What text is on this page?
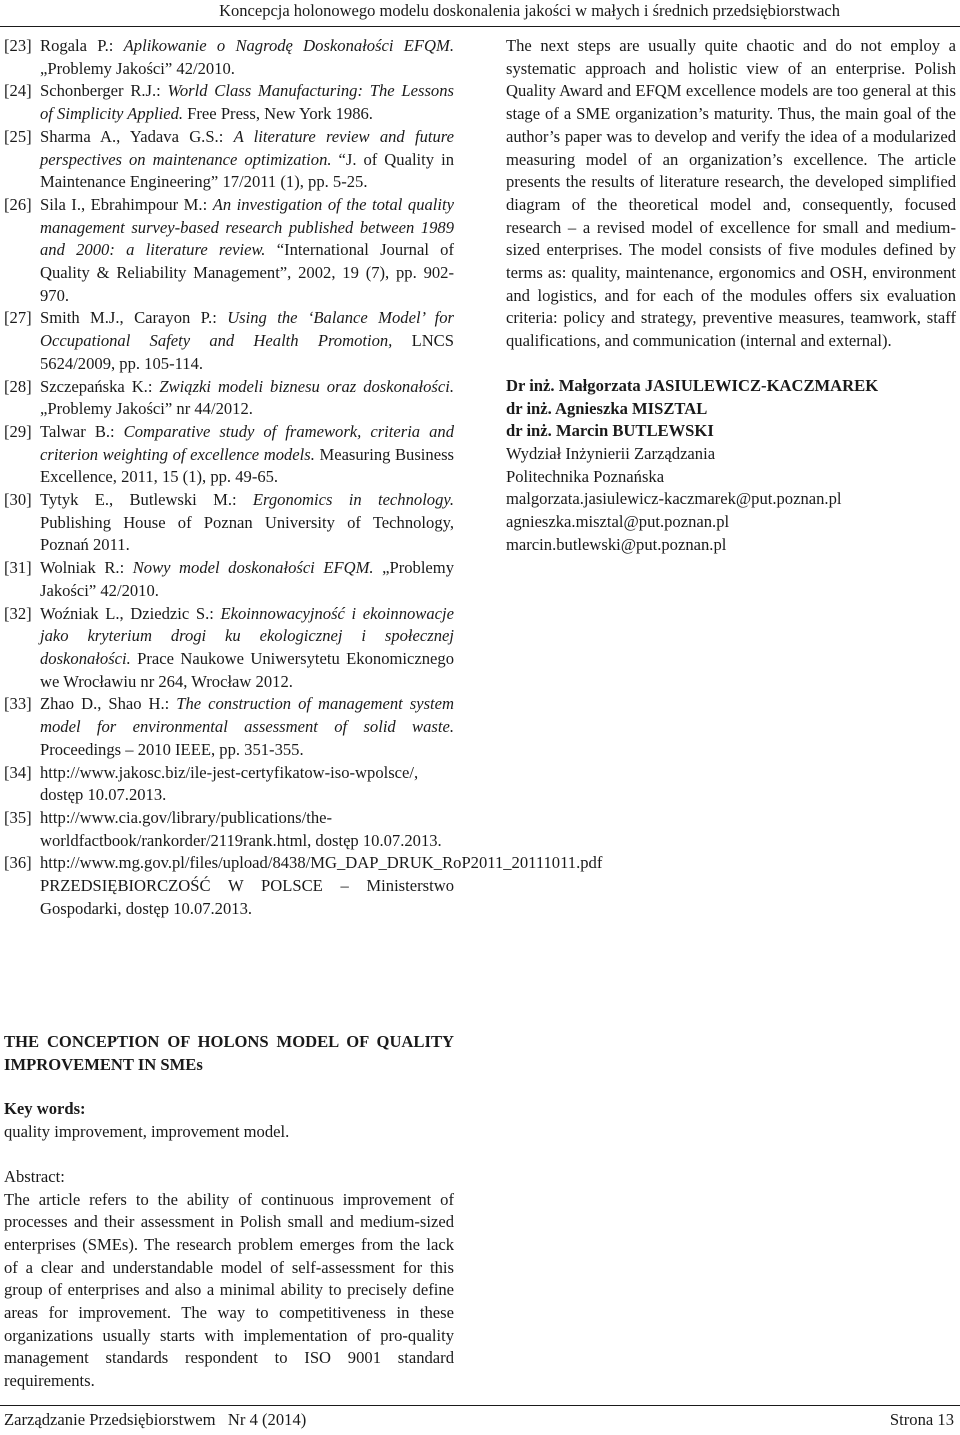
Koncepcja holonowego modelu doskonalenia jakości w małych i średnich przedsiębiorstwach
[23] Rogala P.: Aplikowanie o Nagrodę Doskonałości EFQM. „Problemy Jakości” 42/2010.
[24] Schonberger R.J.: World Class Manufacturing: The Lessons of Simplicity Applied. Free Press, New York 1986.
[25] Sharma A., Yadava G.S.: A literature review and future perspectives on maintenance optimization. “J. of Quality in Maintenance Engineering” 17/2011 (1), pp. 5-25.
[26] Sila I., Ebrahimpour M.: An investigation of the total quality management survey-based research published between 1989 and 2000: a literature review. “International Journal of Quality & Reliability Management”, 2002, 19 (7), pp. 902-970.
[27] Smith M.J., Carayon P.: Using the ‘Balance Model’ for Occupational Safety and Health Promotion, LNCS 5624/2009, pp. 105-114.
[28] Szczepańska K.: Związki modeli biznesu oraz doskonałości. „Problemy Jakości” nr 44/2012.
[29] Talwar B.: Comparative study of framework, criteria and criterion weighting of excellence models. Measuring Business Excellence, 2011, 15 (1), pp. 49-65.
[30] Tytyk E., Butlewski M.: Ergonomics in technology. Publishing House of Poznan University of Technology, Poznań 2011.
[31] Wolniak R.: Nowy model doskonałości EFQM. „Problemy Jakości” 42/2010.
[32] Woźniak L., Dziedzic S.: Ekoinnowacyjność i ekoinnowacje jako kryterium drogi ku ekologicznej i społecznej doskonałości. Prace Naukowe Uniwersytetu Ekonomicznego we Wrocławiu nr 264, Wrocław 2012.
[33] Zhao D., Shao H.: The construction of management system model for environmental assessment of solid waste. Proceedings – 2010 IEEE, pp. 351-355.
[34] http://www.jakosc.biz/ile-jest-certyfikatow-iso-wpolsce/, dostęp 10.07.2013.
[35] http://www.cia.gov/library/publications/the-worldfactbook/rankorder/2119rank.html, dostęp 10.07.2013.
[36] http://www.mg.gov.pl/files/upload/8438/MG_DAP_DRUK_RoP2011_20111011.pdf PRZEDSIĘBIORCZOŚĆ W POLSCE – Ministerstwo Gospodarki, dostęp 10.07.2013.
THE CONCEPTION OF HOLONS MODEL OF QUALITY IMPROVEMENT IN SMEs
Key words:
quality improvement, improvement model.
Abstract:
The article refers to the ability of continuous improvement of processes and their assessment in Polish small and medium-sized enterprises (SMEs). The research problem emerges from the lack of a clear and understandable model of self-assessment for this group of enterprises and also a minimal ability to precisely define areas for improvement. The way to competitiveness in these organizations usually starts with implementation of pro-quality management standards respondent to ISO 9001 standard requirements.
The next steps are usually quite chaotic and do not employ a systematic approach and holistic view of an enterprise. Polish Quality Award and EFQM excellence models are too general at this stage of a SME organization’s maturity. Thus, the main goal of the author’s paper was to develop and verify the idea of a modularized measuring model of an organization’s excellence. The article presents the results of literature research, the developed simplified diagram of the theoretical model and, consequently, focused research – a revised model of excellence for small and medium-sized enterprises. The model consists of five modules defined by terms as: quality, maintenance, ergonomics and OSH, environment and logistics, and for each of the modules offers six evaluation criteria: policy and strategy, preventive measures, teamwork, staff qualifications, and communication (internal and external).
Dr inż. Małgorzata JASIULEWICZ-KACZMAREK
dr inż. Agnieszka MISZTAL
dr inż. Marcin BUTLEWSKI
Wydział Inżynierii Zarządzania
Politechnika Poznańska
malgorzata.jasiulewicz-kaczmarek@put.poznan.pl
agnieszka.misztal@put.poznan.pl
marcin.butlewski@put.poznan.pl
Zarządzanie Przedsiębiorstwem   Nr 4 (2014)	Strona 13
